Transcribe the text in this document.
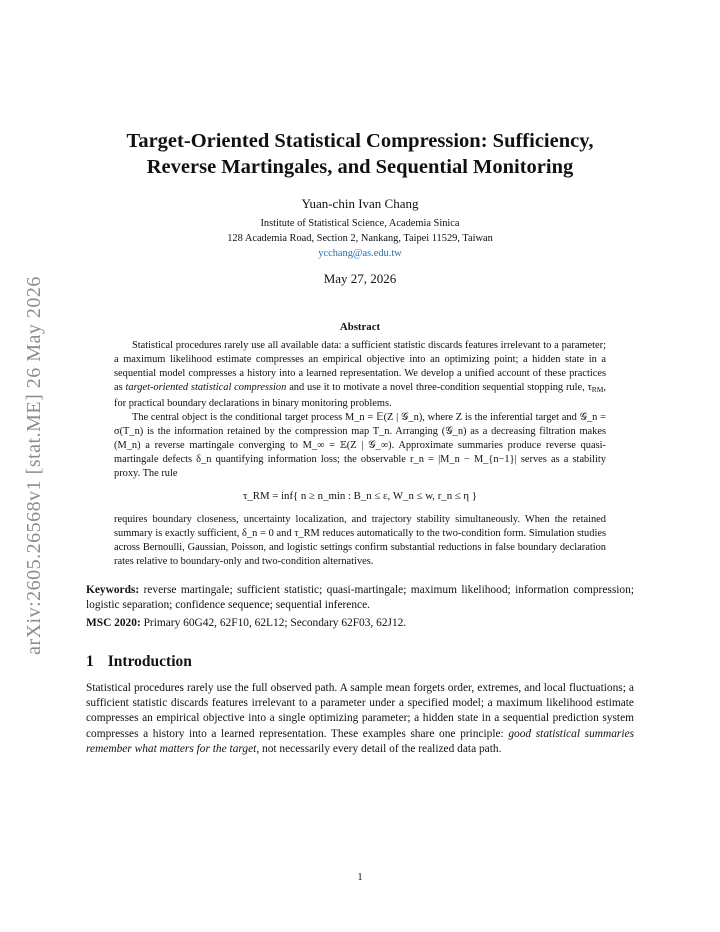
arXiv:2605.26568v1 [stat.ME] 26 May 2026
Target-Oriented Statistical Compression: Sufficiency,
Reverse Martingales, and Sequential Monitoring
Yuan-chin Ivan Chang
Institute of Statistical Science, Academia Sinica
128 Academia Road, Section 2, Nankang, Taipei 11529, Taiwan
ycchang@as.edu.tw
May 27, 2026
Abstract

Statistical procedures rarely use all available data: a sufficient statistic discards features irrelevant to a parameter; a maximum likelihood estimate compresses an empirical objective into an optimizing point; a hidden state in a sequential model compresses a history into a learned representation. We develop a unified account of these practices as target-oriented statistical compression and use it to motivate a novel three-condition sequential stopping rule, $\tau_{RM}$, for practical boundary declarations in binary monitoring problems.

The central object is the conditional target process M_n = 𝔼(Z | 𝒢_n), where Z is the inferential target and 𝒢_n = σ(T_n) is the information retained by the compression map T_n. Arranging (𝒢_n) as a decreasing filtration makes (M_n) a reverse martingale converging to M_∞ = 𝔼(Z | 𝒢_∞). Approximate summaries produce reverse quasi-martingale defects δ_n quantifying information loss; the observable r_n = |M_n − M_{n−1}| serves as a stability proxy. The rule

τ_RM = inf{ n ≥ n_min : B_n ≤ ε, W_n ≤ w, r_n ≤ η }

requires boundary closeness, uncertainty localization, and trajectory stability simultaneously. When the retained summary is exactly sufficient, δ_n = 0 and τ_RM reduces automatically to the two-condition form. Simulation studies across Bernoulli, Gaussian, Poisson, and logistic settings confirm substantial reductions in false boundary declaration rates relative to boundary-only and two-condition alternatives.

Keywords: reverse martingale; sufficient statistic; quasi-martingale; maximum likelihood; information compression; logistic separation; confidence sequence; sequential inference.
MSC 2020: Primary 60G42, 62F10, 62L12; Secondary 62F03, 62J12.
1 Introduction
Statistical procedures rarely use the full observed path. A sample mean forgets order, extremes, and local fluctuations; a sufficient statistic discards features irrelevant to a parameter under a specified model; a maximum likelihood estimate compresses an empirical objective into a single optimizing parameter; a hidden state in a sequential prediction system compresses a history into a learned representation. These examples share one principle: good statistical summaries remember what matters for the target, not necessarily every detail of the realized data path.
1
